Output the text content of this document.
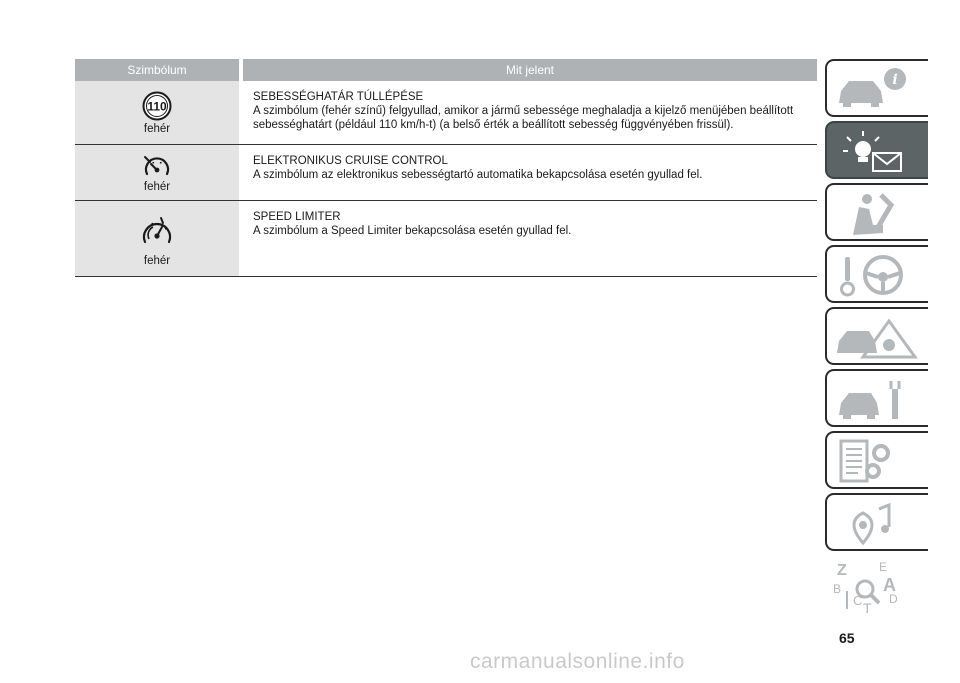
Szimbólum	Mit jelent
110
fehér
SEBESSÉGHATÁR TÚLLÉPÉSE
A szimbólum (fehér színű) felgyullad, amikor a jármű sebessége meghaladja a kijelző menüjében beállított sebességhatárt (például 110 km/h-t) (a belső érték a beállított sebesség függvényében frissül).
fehér
ELEKTRONIKUS CRUISE CONTROL
A szimbólum az elektronikus sebességtartó automatika bekapcsolása esetén gyullad fel.
fehér
SPEED LIMITER
A szimbólum a Speed Limiter bekapcsolása esetén gyullad fel.
i
Z	E
A
B
C D
T
65
carmanualsonline.info
